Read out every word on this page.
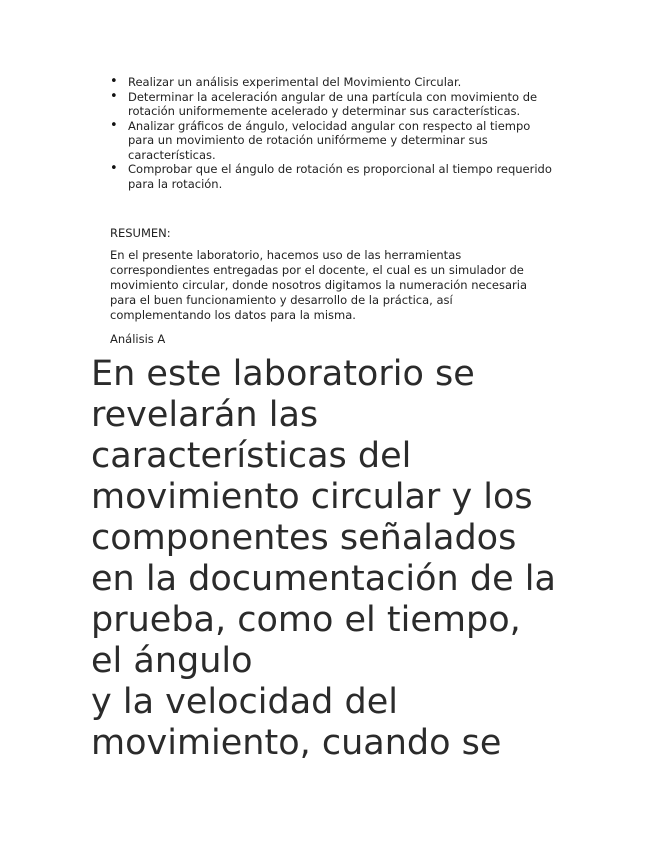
• Realizar un análisis experimental del Movimiento Circular.
• Determinar la aceleración angular de una partícula con movimiento de rotación uniformemente acelerado y determinar sus características.
• Analizar gráficos de ángulo, velocidad angular con respecto al tiempo para un movimiento de rotación unifórmeme y determinar sus características.
• Comprobar que el ángulo de rotación es proporcional al tiempo requerido para la rotación.
RESUMEN:

En el presente laboratorio, hacemos uso de las herramientas correspondientes entregadas por el docente, el cual es un simulador de movimiento circular, donde nosotros digitamos la numeración necesaria para el buen funcionamiento y desarrollo de la práctica, así complementando los datos para la misma.

Análisis A
En este laboratorio se
revelarán las
características del
movimiento circular y los
componentes señalados
en la documentación de la
prueba, como el tiempo,
el ángulo
y la velocidad del
movimiento, cuando se
